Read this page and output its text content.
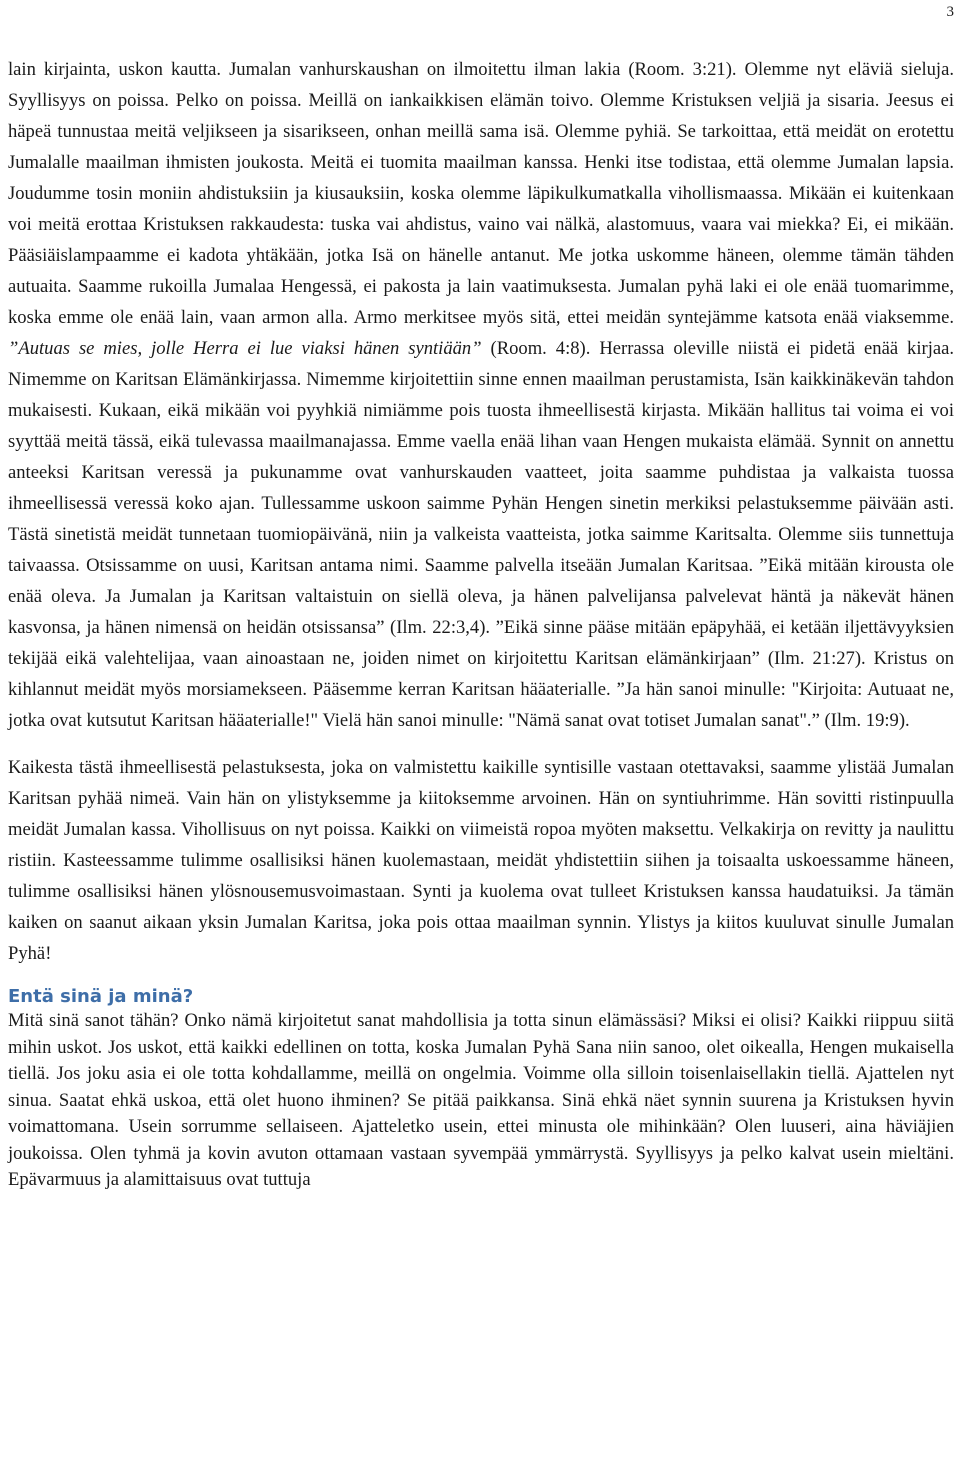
3

lain kirjainta, uskon kautta. Jumalan vanhurskaushan on ilmoitettu ilman lakia (Room. 3:21). Olemme nyt eläviä sieluja. Syyllisyys on poissa. Pelko on poissa. Meillä on iankaikkisen elämän toivo. Olemme Kristuksen veljiä ja sisaria. Jeesus ei häpeä tunnustaa meitä veljikseen ja sisarikseen, onhan meillä sama isä. Olemme pyhiä. Se tarkoittaa, että meidät on erotettu Jumalalle maailman ihmisten joukosta. Meitä ei tuomita maailman kanssa. Henki itse todistaa, että olemme Jumalan lapsia. Joudumme tosin moniin ahdistuksiin ja kiusauksiin, koska olemme läpikulkumatkalla vihollismaassa. Mikään ei kuitenkaan voi meitä erottaa Kristuksen rakkaudesta: tuska vai ahdistus, vaino vai nälkä, alastomuus, vaara vai miekka? Ei, ei mikään. Pääsiäislampaamme ei kadota yhtäkään, jotka Isä on hänelle antanut. Me jotka uskomme häneen, olemme tämän tähden autuaita. Saamme rukoilla Jumalaa Hengessä, ei pakosta ja lain vaatimuksesta. Jumalan pyhä laki ei ole enää tuomarimme, koska emme ole enää lain, vaan armon alla. Armo merkitsee myös sitä, ettei meidän syntejämme katsota enää viaksemme. ”Autuas se mies, jolle Herra ei lue viaksi hänen syntiään” (Room. 4:8). Herrassa oleville niistä ei pidetä enää kirjaa. Nimemme on Karitsan Elämänkirjassa. Nimemme kirjoitettiin sinne ennen maailman perustamista, Isän kaikkinäkevän tahdon mukaisesti. Kukaan, eikä mikään voi pyyhkiä nimiämme pois tuosta ihmeellisestä kirjasta. Mikään hallitus tai voima ei voi syyttää meitä tässä, eikä tulevassa maailmanajassa. Emme vaella enää lihan vaan Hengen mukaista elämää. Synnit on annettu anteeksi Karitsan veressä ja pukunamme ovat vanhurskauden vaatteet, joita saamme puhdistaa ja valkaista tuossa ihmeellisessä veressä koko ajan. Tullessamme uskoon saimme Pyhän Hengen sinetin merkiksi pelastuksemme päivään asti. Tästä sinetistä meidät tunnetaan tuomiopäivänä, niin ja valkeista vaatteista, jotka saimme Karitsalta. Olemme siis tunnettuja taivaassa. Otsissamme on uusi, Karitsan antama nimi. Saamme palvella itseään Jumalan Karitsaa. ”Eikä mitään kirousta ole enää oleva. Ja Jumalan ja Karitsan valtaistuin on siellä oleva, ja hänen palvelijansa palvelevat häntä ja näkevät hänen kasvonsa, ja hänen nimensä on heidän otsissansa” (Ilm. 22:3,4). ”Eikä sinne pääse mitään epäpyhää, ei ketään iljettävyyksien tekijää eikä valehtelijaa, vaan ainoastaan ne, joiden nimet on kirjoitettu Karitsan elämänkirjaan” (Ilm. 21:27). Kristus on kihlannut meidät myös morsiamekseen. Pääsemme kerran Karitsan hääaterialle. ”Ja hän sanoi minulle: "Kirjoita: Autuaat ne, jotka ovat kutsutut Karitsan hääaterialle!" Vielä hän sanoi minulle: "Nämä sanat ovat totiset Jumalan sanat".” (Ilm. 19:9).

Kaikesta tästä ihmeellisestä pelastuksesta, joka on valmistettu kaikille syntisille vastaan otettavaksi, saamme ylistää Jumalan Karitsan pyhää nimeä. Vain hän on ylistyksemme ja kiitoksemme arvoinen. Hän on syntiuhrimme. Hän sovitti ristinpuulla meidät Jumalan kassa. Vihollisuus on nyt poissa. Kaikki on viimeistä ropoa myöten maksettu. Velkakirja on revitty ja naulittu ristiin. Kasteessamme tulimme osallisiksi hänen kuolemastaan, meidät yhdistettiin siihen ja toisaalta uskoessamme häneen, tulimme osallisiksi hänen ylösnousemusvoimastaan. Synti ja kuolema ovat tulleet Kristuksen kanssa haudatuiksi. Ja tämän kaiken on saanut aikaan yksin Jumalan Karitsa, joka pois ottaa maailman synnin. Ylistys ja kiitos kuuluvat sinulle Jumalan Pyhä!

Entä sinä ja minä?

Mitä sinä sanot tähän? Onko nämä kirjoitetut sanat mahdollisia ja totta sinun elämässäsi? Miksi ei olisi? Kaikki riippuu siitä mihin uskot. Jos uskot, että kaikki edellinen on totta, koska Jumalan Pyhä Sana niin sanoo, olet oikealla, Hengen mukaisella tiellä. Jos joku asia ei ole totta kohdallamme, meillä on ongelmia. Voimme olla silloin toisenlaisellakin tiellä. Ajattelen nyt sinua. Saatat ehkä uskoa, että olet huono ihminen? Se pitää paikkansa. Sinä ehkä näet synnin suurena ja Kristuksen hyvin voimattomana. Usein sorrumme sellaiseen. Ajatteletko usein, ettei minusta ole mihinkään? Olen luuseri, aina häviäjien joukoissa. Olen tyhmä ja kovin avuton ottamaan vastaan syvempää ymmärrystä. Syyllisyys ja pelko kalvat usein mieltäni. Epävarmuus ja alamittaisuus ovat tuttuja
